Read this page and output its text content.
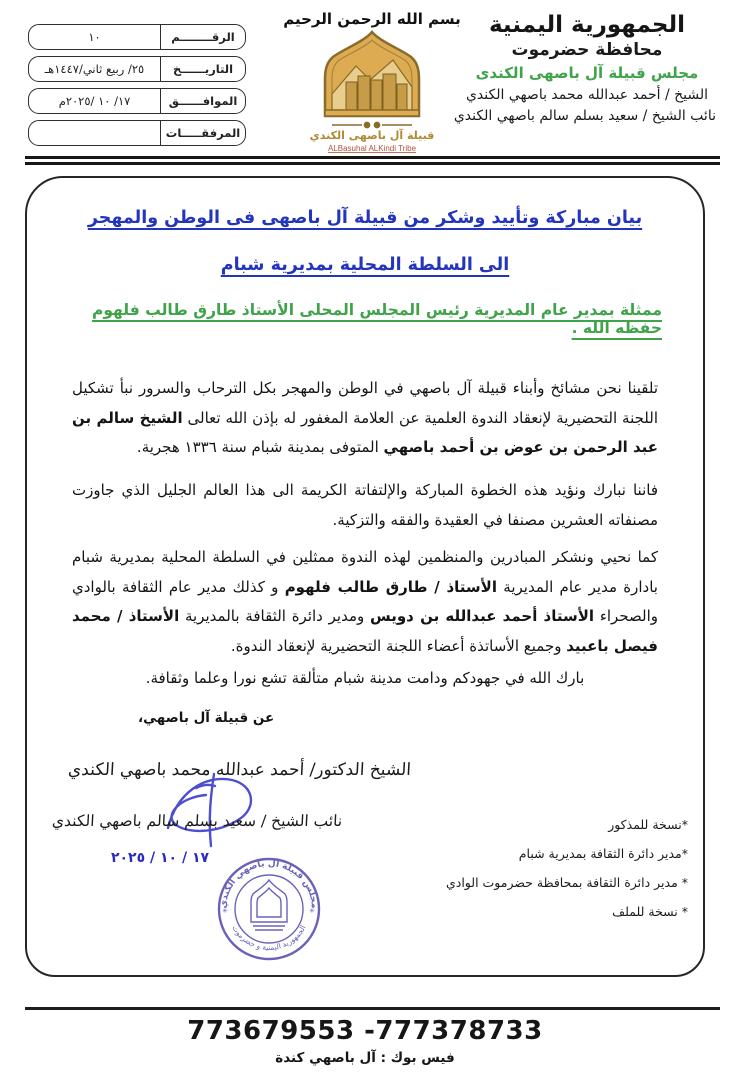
الرقــــــــم
١٠
التاريــــــخ
٢٥/ ربيع ثاني/١٤٤٧هـ
الموافــــــق
١٧/ ١٠ /٢٠٢٥م
المرفقـــــات
بسم الله الرحمن الرحيم
قبيلة آل باصهى الكندي
ALBasuhal ALKindi Tribe
الجمهورية اليمنية
محافظة حضرموت
مجلس قبيلة آل باصهى الكندى
الشيخ / أحمد عبدالله محمد باصهي الكندي
نائب الشيخ / سعيد بسلم سالم باصهي الكندي
بيان مباركة وتأييد وشكر من قبيلة آل باصهى فى الوطن والمهجر
الى السلطة المحلية بمديرية شبام
ممثلة بمدير عام المديرية رئيس المجلس المحلى الأستاذ طارق طالب فلهوم حفظه الله .
تلقينا نحن مشائخ وأبناء قبيلة آل باصهي في الوطن والمهجر بكل الترحاب والسرور نبأ تشكيل اللجنة التحضيرية لإنعقاد الندوة العلمية عن العلامة المغفور له بإذن الله تعالى الشيخ سالم بن عبد الرحمن بن عوض بن أحمد باصهي المتوفى بمدينة شبام سنة ١٣٣٦ هجرية.
فاننا نبارك ونؤيد هذه الخطوة المباركة والإلتفاتة الكريمة الى هذا العالم الجليل الذي جاوزت مصنفاته العشرين مصنفا في العقيدة والفقه والتزكية.
كما نحيي ونشكر المبادرين والمنظمين لهذه الندوة ممثلين في السلطة المحلية بمديرية شبام بادارة مدير عام المديرية الأستاذ / طارق طالب فلهوم و كذلك مدير عام الثقافة بالوادي والصحراء الأستاذ أحمد عبدالله بن دويس ومدير دائرة الثقافة بالمديرية الأستاذ / محمد فيصل باعبيد وجميع الأساتذة أعضاء اللجنة التحضيرية لإنعقاد الندوة.
بارك الله في جهودكم ودامت مدينة شبام متألقة تشع نورا وعلما وثقافة.
عن قبيلة آل باصهي،
الشيخ الدكتور/ أحمد عبدالله محمد باصهي الكندي
نائب الشيخ / سعيد بسلم سالم باصهي الكندي
١٧ / ١٠ / ٢٠٢٥
مجلس قبيلة آل باصهي الكندي
الجمهورية اليمنية و حضرموت
✳	✳
*نسخة للمذكور
*مدير دائرة الثقافة بمديرية شبام
* مدير دائرة الثقافة بمحافظة حضرموت الوادي
* نسخة للملف
773679553 -777378733
فيس بوك : آل باصهي كندة
